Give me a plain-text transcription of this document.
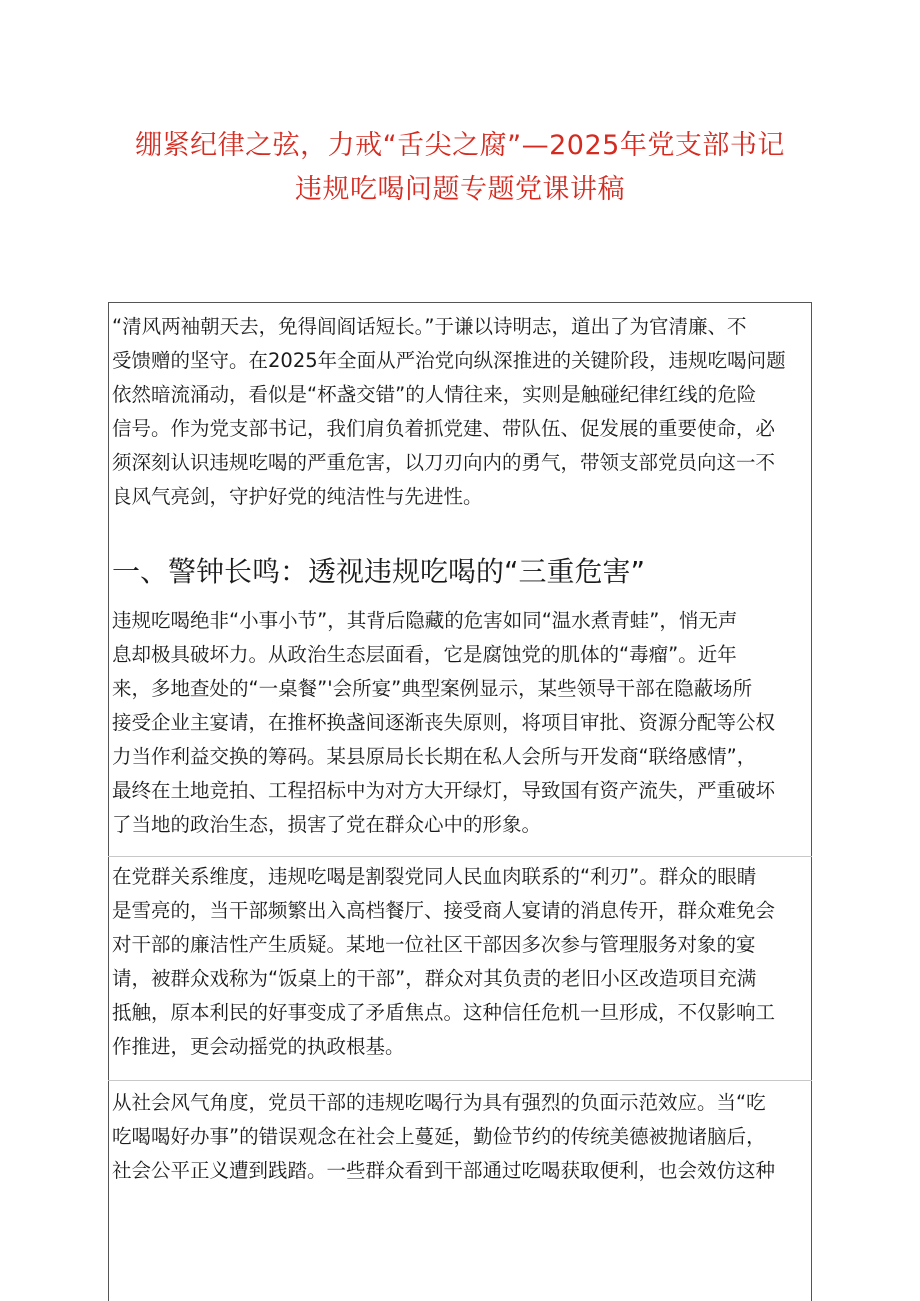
绷紧纪律之弦，力戒“舌尖之腐”—2025年党支部书记
违规吃喝问题专题党课讲稿
“清风两袖朝天去，免得闾阎话短长。”于谦以诗明志，道出了为官清廉、不
受馈赠的坚守。在2025年全面从严治党向纵深推进的关键阶段，违规吃喝问题
依然暗流涌动，看似是“杯盏交错”的人情往来，实则是触碰纪律红线的危险
信号。作为党支部书记，我们肩负着抓党建、带队伍、促发展的重要使命，必
须深刻认识违规吃喝的严重危害，以刀刃向内的勇气，带领支部党员向这一不
良风气亮剑，守护好党的纯洁性与先进性。
一、警钟长鸣：透视违规吃喝的“三重危害”
违规吃喝绝非“小事小节”，其背后隐藏的危害如同“温水煮青蛙”，悄无声
息却极具破坏力。从政治生态层面看，它是腐蚀党的肌体的“毒瘤”。近年
来，多地查处的“一桌餐”'会所宴”典型案例显示，某些领导干部在隐蔽场所
接受企业主宴请，在推杯换盏间逐渐丧失原则，将项目审批、资源分配等公权
力当作利益交换的筹码。某县原局长长期在私人会所与开发商“联络感情”，
最终在土地竞拍、工程招标中为对方大开绿灯，导致国有资产流失，严重破坏
了当地的政治生态，损害了党在群众心中的形象。
在党群关系维度，违规吃喝是割裂党同人民血肉联系的“利刃”。群众的眼睛
是雪亮的，当干部频繁出入高档餐厅、接受商人宴请的消息传开，群众难免会
对干部的廉洁性产生质疑。某地一位社区干部因多次参与管理服务对象的宴
请，被群众戏称为“饭桌上的干部”，群众对其负责的老旧小区改造项目充满
抵触，原本利民的好事变成了矛盾焦点。这种信任危机一旦形成，不仅影响工
作推进，更会动摇党的执政根基。
从社会风气角度，党员干部的违规吃喝行为具有强烈的负面示范效应。当“吃
吃喝喝好办事”的错误观念在社会上蔓延，勤俭节约的传统美德被抛诸脑后，
社会公平正义遭到践踏。一些群众看到干部通过吃喝获取便利，也会效仿这种
